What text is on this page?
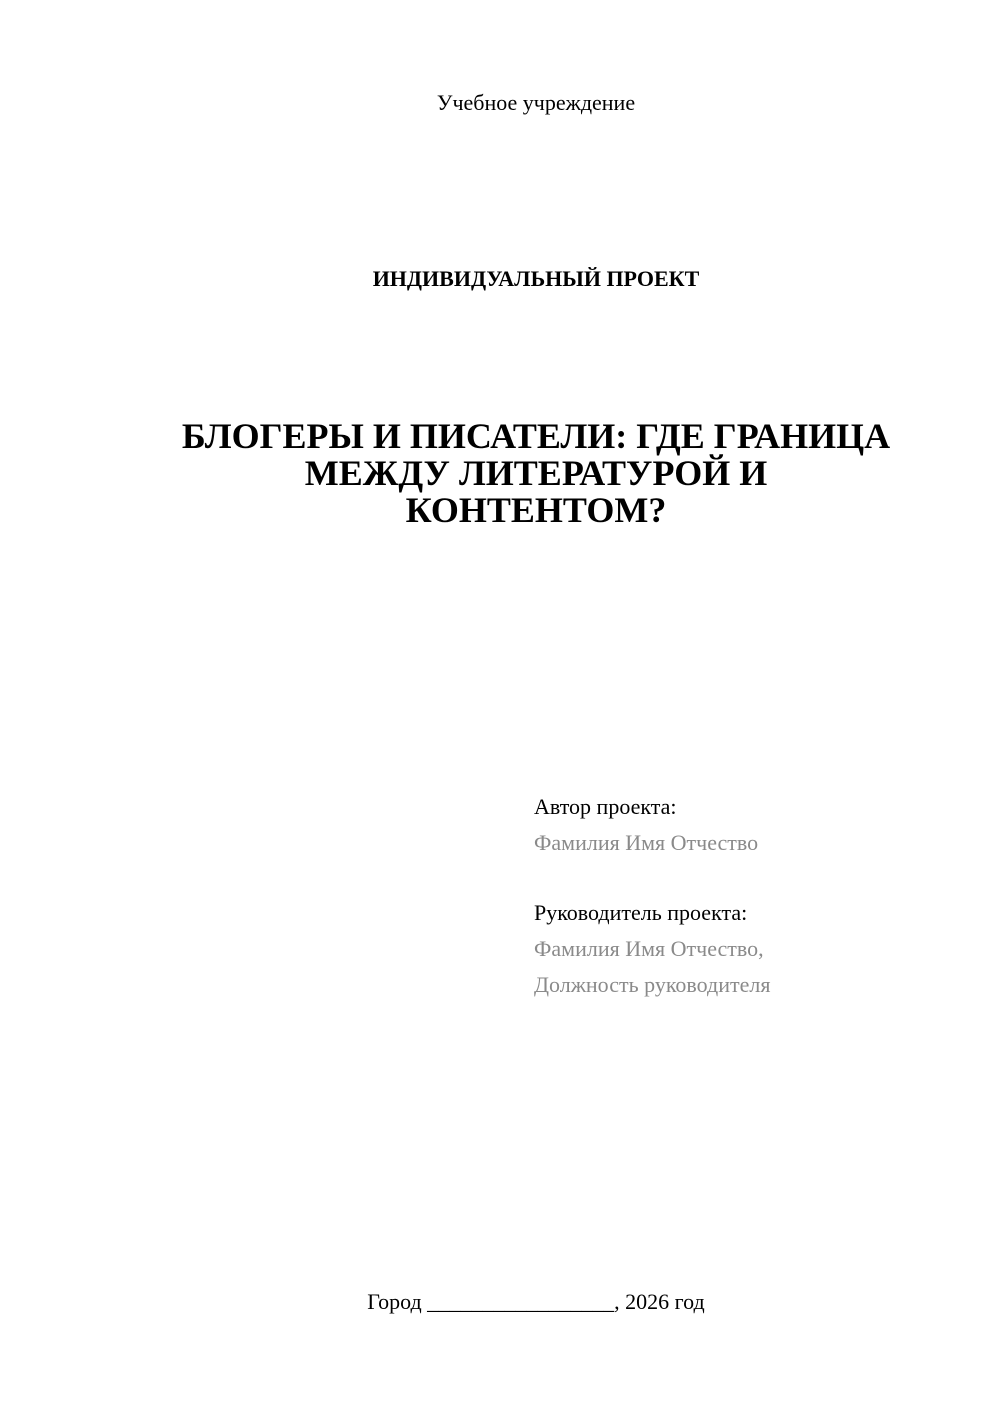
Учебное учреждение
ИНДИВИДУАЛЬНЫЙ ПРОЕКТ
БЛОГЕРЫ И ПИСАТЕЛИ: ГДЕ ГРАНИЦА
МЕЖДУ ЛИТЕРАТУРОЙ И
КОНТЕНТОМ?
Автор проекта:
Фамилия Имя Отчество
Руководитель проекта:
Фамилия Имя Отчество,
Должность руководителя
Город _________________, 2026 год
